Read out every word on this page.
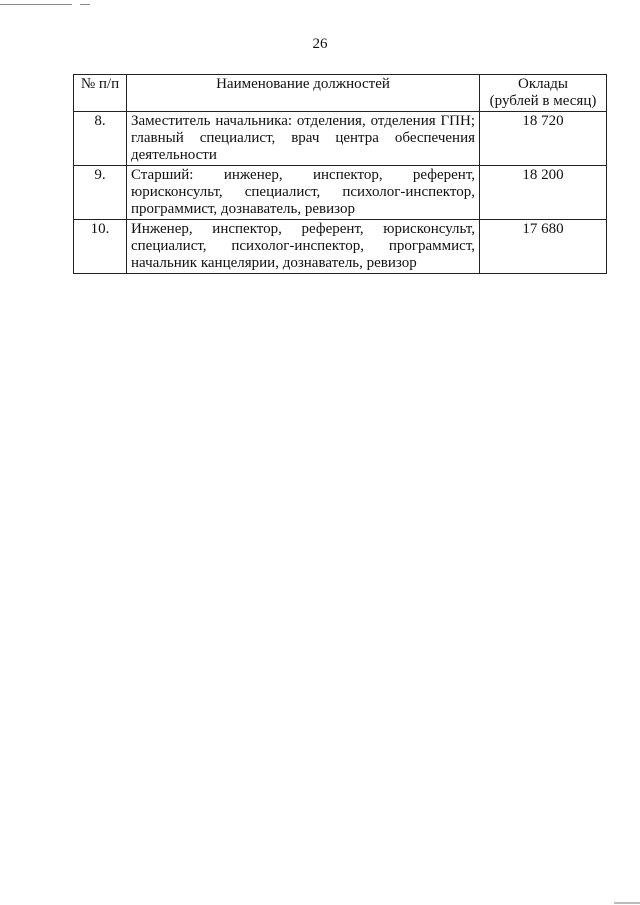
26
№ п/п	Наименование должностей	Оклады
(рублей в месяц)

8.	Заместитель начальника: отделения, отделения ГПН; главный специалист, врач центра обеспечения деятельности	18 720
9.	Старший: инженер, инспектор, референт, юрисконсульт, специалист, психолог-инспектор, программист, дознаватель, ревизор	18 200
10.	Инженер, инспектор, референт, юрисконсульт, специалист, психолог-инспектор, программист, начальник канцелярии, дознаватель, ревизор	17 680
